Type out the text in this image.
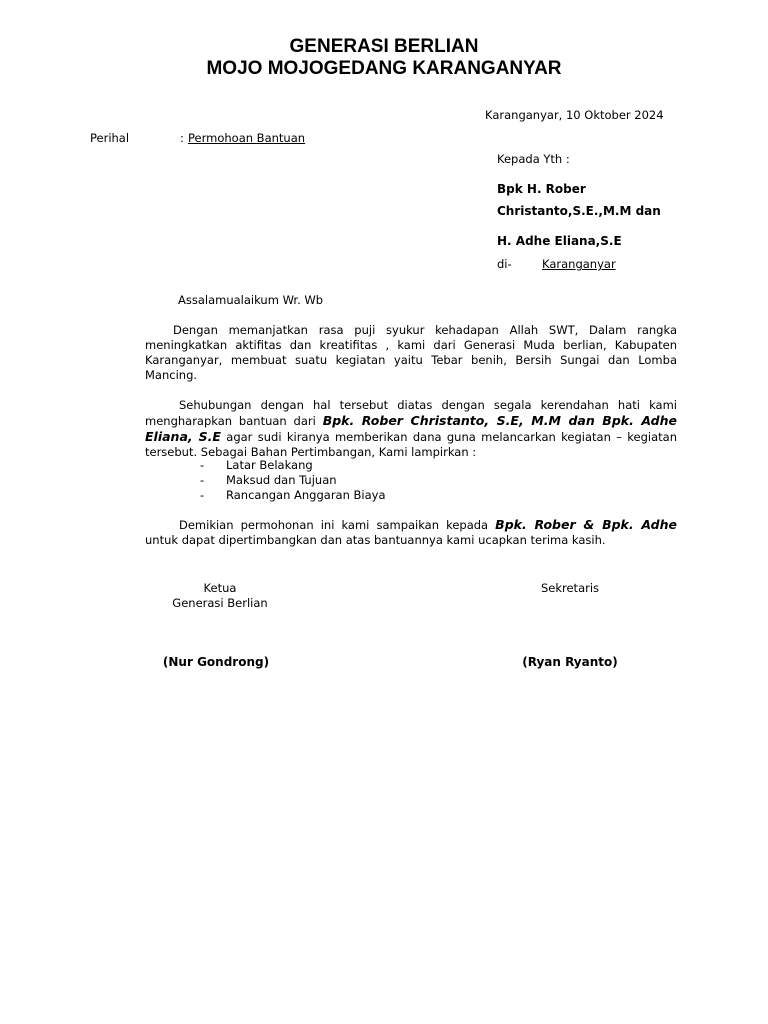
GENERASI BERLIAN
MOJO MOJOGEDANG KARANGANYAR
Karanganyar, 10 Oktober 2024
Perihal	: Permohoan Bantuan
Kepada Yth :
Bpk H. Rober
Christanto,S.E.,M.M dan
H. Adhe Eliana,S.E
di-	Karanganyar
Assalamualaikum Wr. Wb
Dengan memanjatkan rasa puji syukur kehadapan Allah SWT, Dalam rangka meningkatkan aktifitas dan kreatifitas , kami dari Generasi Muda berlian, Kabupaten Karanganyar, membuat suatu kegiatan yaitu Tebar benih, Bersih Sungai dan Lomba Mancing.
Sehubungan dengan hal tersebut diatas dengan segala kerendahan hati kami mengharapkan bantuan dari Bpk. Rober Christanto, S.E, M.M dan Bpk. Adhe Eliana, S.E agar sudi kiranya memberikan dana guna melancarkan kegiatan – kegiatan tersebut. Sebagai Bahan Pertimbangan, Kami lampirkan :
- Latar Belakang
- Maksud dan Tujuan
- Rancangan Anggaran Biaya
Demikian permohonan ini kami sampaikan kepada Bpk. Rober & Bpk. Adhe untuk dapat dipertimbangkan dan atas bantuannya kami ucapkan terima kasih.
Ketua
Generasi Berlian
(Nur Gondrong)
Sekretaris
(Ryan Ryanto)
